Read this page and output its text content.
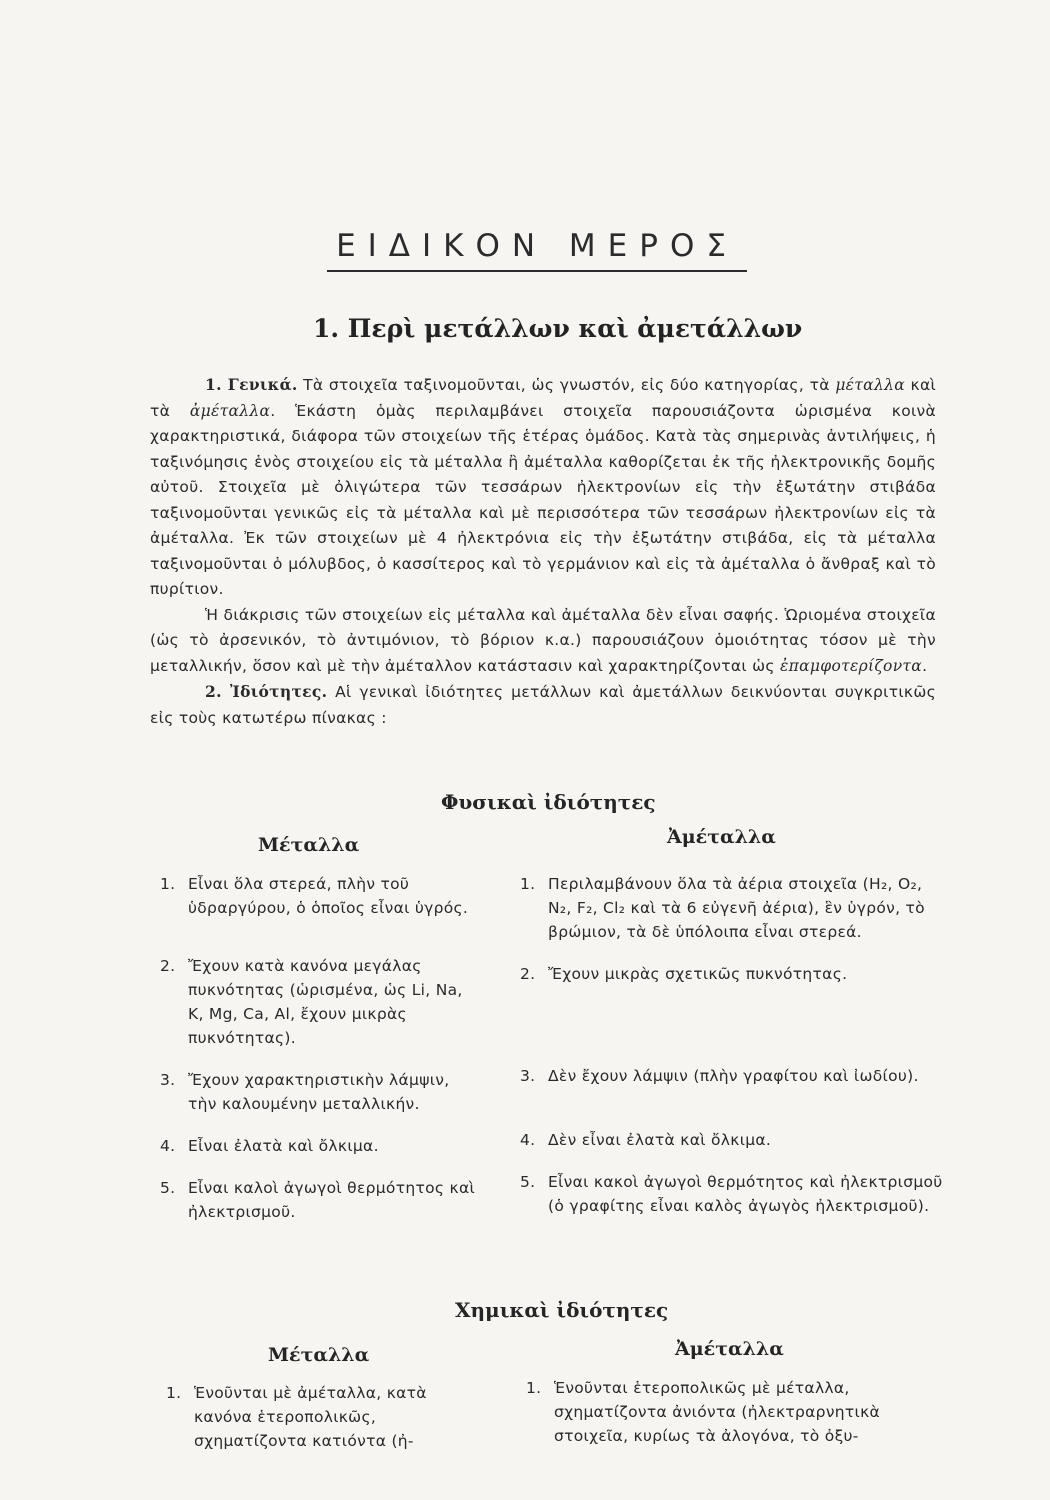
ΕΙΔΙΚΟΝ ΜΕΡΟΣ
1. Περὶ μετάλλων καὶ ἀμετάλλων

1. Γενικά. Τὰ στοιχεῖα ταξινομοῦνται, ὡς γνωστόν, εἰς δύο κατηγορίας, τὰ μέταλλα καὶ τὰ ἀμέταλλα. Ἑκάστη ὁμὰς περιλαμβάνει στοιχεῖα παρουσιάζοντα ὡρισμένα κοινὰ χαρακτηριστικά, διάφορα τῶν στοιχείων τῆς ἑτέρας ὁμάδος. Κατὰ τὰς σημερινὰς ἀντιλήψεις, ἡ ταξινόμησις ἑνὸς στοιχείου εἰς τὰ μέταλλα ἢ ἀμέταλλα καθορίζεται ἐκ τῆς ἠλεκτρονικῆς δομῆς αὐτοῦ. Στοιχεῖα μὲ ὀλιγώτερα τῶν τεσσάρων ἠλεκτρονίων εἰς τὴν ἐξωτάτην στιβάδα ταξινομοῦνται γενικῶς εἰς τὰ μέταλλα καὶ μὲ περισσότερα τῶν τεσσάρων ἠλεκτρονίων εἰς τὰ ἀμέταλλα. Ἐκ τῶν στοιχείων μὲ 4 ἠλεκτρόνια εἰς τὴν ἐξωτάτην στιβάδα, εἰς τὰ μέταλλα ταξινομοῦνται ὁ μόλυβδος, ὁ κασσίτερος καὶ τὸ γερμάνιον καὶ εἰς τὰ ἀμέταλλα ὁ ἄνθραξ καὶ τὸ πυρίτιον.

Ἡ διάκρισις τῶν στοιχείων εἰς μέταλλα καὶ ἀμέταλλα δὲν εἶναι σαφής. Ὡριομένα στοιχεῖα (ὡς τὸ ἀρσενικόν, τὸ ἀντιμόνιον, τὸ βόριον κ.α.) παρουσιάζουν ὁμοιότητας τόσον μὲ τὴν μεταλλικήν, ὅσον καὶ μὲ τὴν ἀμέταλλον κατάστασιν καὶ χαρακτηρίζονται ὡς ἐπαμφοτερίζοντα.

2. Ἰδιότητες. Αἱ γενικαὶ ἰδιότητες μετάλλων καὶ ἀμετάλλων δεικνύονται συγκριτικῶς εἰς τοὺς κατωτέρω πίνακας :

Φυσικαὶ ἰδιότητες
Μέταλλα	Ἀμέταλλα
1. Εἶναι ὅλα στερεά, πλὴν τοῦ ὑδραργύρου, ὁ ὁποῖος εἶναι ὑγρός.
2. Ἔχουν κατὰ κανόνα μεγάλας πυκνότητας (ὡρισμένα, ὡς Li, Na, K, Mg, Ca, Al, ἔχουν μικρὰς πυκνότητας).
3. Ἔχουν χαρακτηριστικὴν λάμψιν, τὴν καλουμένην μεταλλικήν.
4. Εἶναι ἐλατὰ καὶ ὄλκιμα.
5. Εἶναι καλοὶ ἀγωγοὶ θερμότητος καὶ ἠλεκτρισμοῦ.
1. Περιλαμβάνουν ὅλα τὰ ἀέρια στοιχεῖα (H₂, O₂, N₂, F₂, Cl₂ καὶ τὰ 6 εὐγενῆ ἀέρια), ἓν ὑγρόν, τὸ βρώμιον, τὰ δὲ ὑπόλοιπα εἶναι στερεά.
2. Ἔχουν μικρὰς σχετικῶς πυκνότητας.
3. Δὲν ἔχουν λάμψιν (πλὴν γραφίτου καὶ ἰωδίου).
4. Δὲν εἶναι ἐλατὰ καὶ ὄλκιμα.
5. Εἶναι κακοὶ ἀγωγοὶ θερμότητος καὶ ἠλεκτρισμοῦ (ὁ γραφίτης εἶναι καλὸς ἀγωγὸς ἠλεκτρισμοῦ).
Χημικαὶ ἰδιότητες
Μέταλλα	Ἀμέταλλα
1. Ἑνοῦνται μὲ ἀμέταλλα, κατὰ κανόνα ἑτεροπολικῶς, σχηματίζοντα κατιόντα (ἠ-
1. Ἑνοῦνται ἑτεροπολικῶς μὲ μέταλλα, σχηματίζοντα ἀνιόντα (ἠλεκτραρνητικὰ στοιχεῖα, κυρίως τὰ ἀλογόνα, τὸ ὀξυ-
